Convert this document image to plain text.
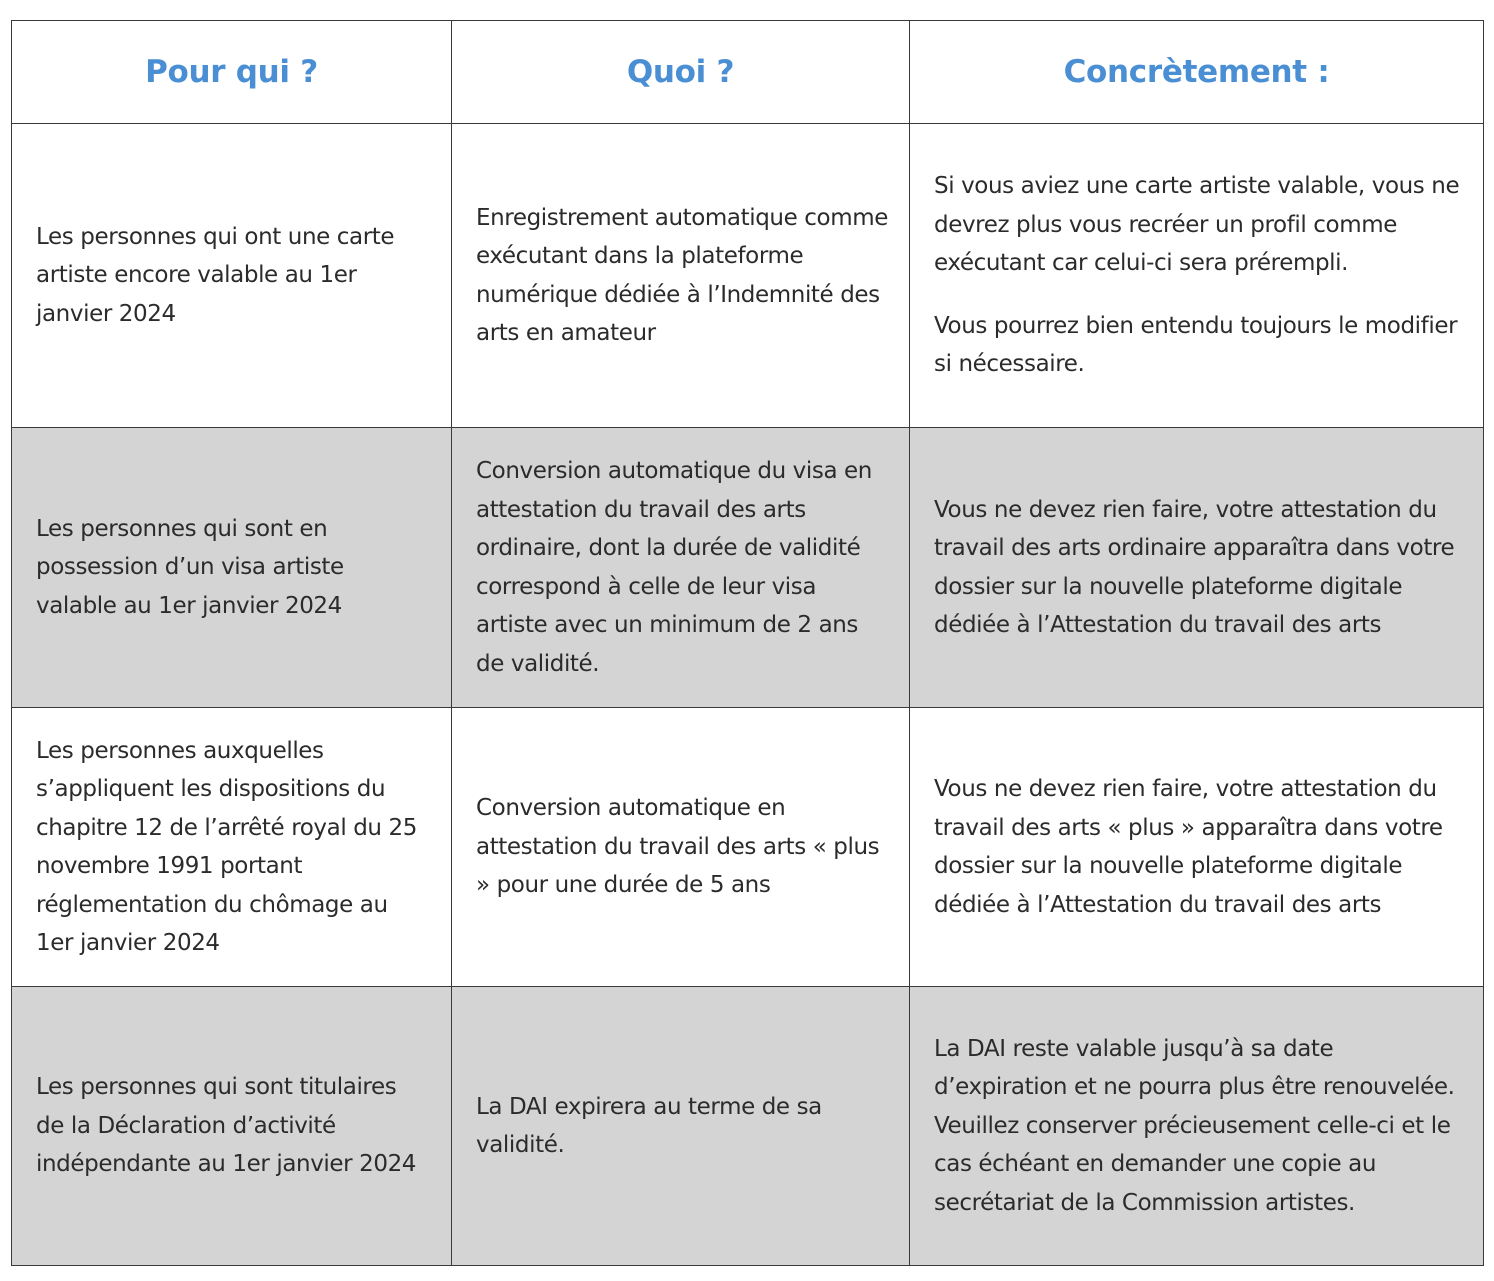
Pour qui ?	Quoi ?	Concrètement :
Les personnes qui ont une carte artiste encore valable au 1er janvier 2024	Enregistrement automatique comme exécutant dans la plateforme numérique dédiée à l’Indemnité des arts en amateur	Si vous aviez une carte artiste valable, vous ne devrez plus vous recréer un profil comme exécutant car celui-ci sera prérempli.

Vous pourrez bien entendu toujours le modifier si nécessaire.

Les personnes qui sont en possession d’un visa artiste valable au 1er janvier 2024	Conversion automatique du visa en attestation du travail des arts ordinaire, dont la durée de validité correspond à celle de leur visa artiste avec un minimum de 2 ans de validité.	Vous ne devez rien faire, votre attestation du travail des arts ordinaire apparaîtra dans votre dossier sur la nouvelle plateforme digitale dédiée à l’Attestation du travail des arts

Les personnes auxquelles s’appliquent les dispositions du chapitre 12 de l’arrêté royal du 25 novembre 1991 portant réglementation du chômage au 1er janvier 2024	Conversion automatique en attestation du travail des arts « plus » pour une durée de 5 ans	Vous ne devez rien faire, votre attestation du travail des arts « plus » apparaîtra dans votre dossier sur la nouvelle plateforme digitale dédiée à l’Attestation du travail des arts

Les personnes qui sont titulaires de la Déclaration d’activité indépendante au 1er janvier 2024	La DAI expirera au terme de sa validité.	La DAI reste valable jusqu’à sa date d’expiration et ne pourra plus être renouvelée. Veuillez conserver précieusement celle-ci et le cas échéant en demander une copie au secrétariat de la Commission artistes.
